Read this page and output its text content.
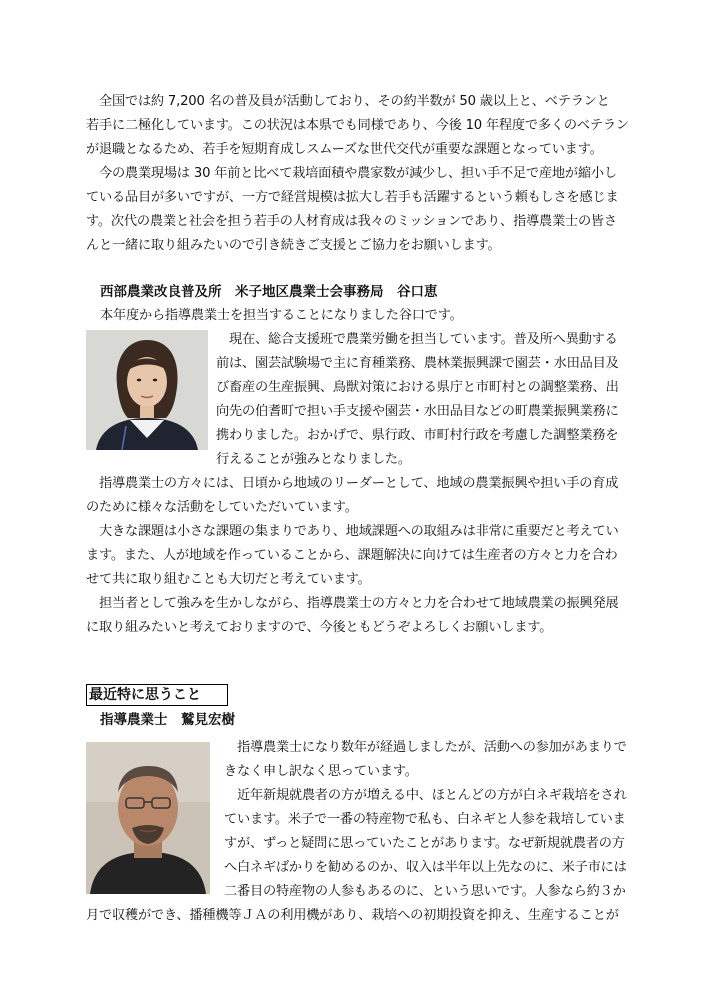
　全国では約 7,200 名の普及員が活動しており、その約半数が 50 歳以上と、ベテランと
若手に二極化しています。この状況は本県でも同様であり、今後 10 年程度で多くのベテラン
が退職となるため、若手を短期育成しスムーズな世代交代が重要な課題となっています。
　今の農業現場は 30 年前と比べて栽培面積や農家数が減少し、担い手不足で産地が縮小し
ている品目が多いですが、一方で経営規模は拡大し若手も活躍するという頼もしさを感じま
す。次代の農業と社会を担う若手の人材育成は我々のミッションであり、指導農業士の皆さ
んと一緒に取り組みたいので引き続きご支援とご協力をお願いします。
西部農業改良普及所　米子地区農業士会事務局　谷口恵
本年度から指導農業士を担当することになりました谷口です。
　現在、総合支援班で農業労働を担当しています。普及所へ異動する
前は、園芸試験場で主に育種業務、農林業振興課で園芸・水田品目及
び畜産の生産振興、鳥獣対策における県庁と市町村との調整業務、出
向先の伯耆町で担い手支援や園芸・水田品目などの町農業振興業務に
携わりました。おかげで、県行政、市町村行政を考慮した調整業務を
行えることが強みとなりました。
　指導農業士の方々には、日頃から地域のリーダーとして、地域の農業振興や担い手の育成
のために様々な活動をしていただいています。
　大きな課題は小さな課題の集まりであり、地域課題への取組みは非常に重要だと考えてい
ます。また、人が地域を作っていることから、課題解決に向けては生産者の方々と力を合わ
せて共に取り組むことも大切だと考えています。
　担当者として強みを生かしながら、指導農業士の方々と力を合わせて地域農業の振興発展
に取り組みたいと考えておりますので、今後ともどうぞよろしくお願いします。
最近特に思うこと
指導農業士　鷲見宏樹
　指導農業士になり数年が経過しましたが、活動への参加があまりで
きなく申し訳なく思っています。
　近年新規就農者の方が増える中、ほとんどの方が白ネギ栽培をされ
ています。米子で一番の特産物で私も、白ネギと人参を栽培していま
すが、ずっと疑問に思っていたことがあります。なぜ新規就農者の方
へ白ネギばかりを勧めるのか、収入は半年以上先なのに、米子市には
二番目の特産物の人参もあるのに、という思いです。人参なら約３か
月で収穫ができ、播種機等ＪＡの利用機があり、栽培への初期投資を抑え、生産することが
